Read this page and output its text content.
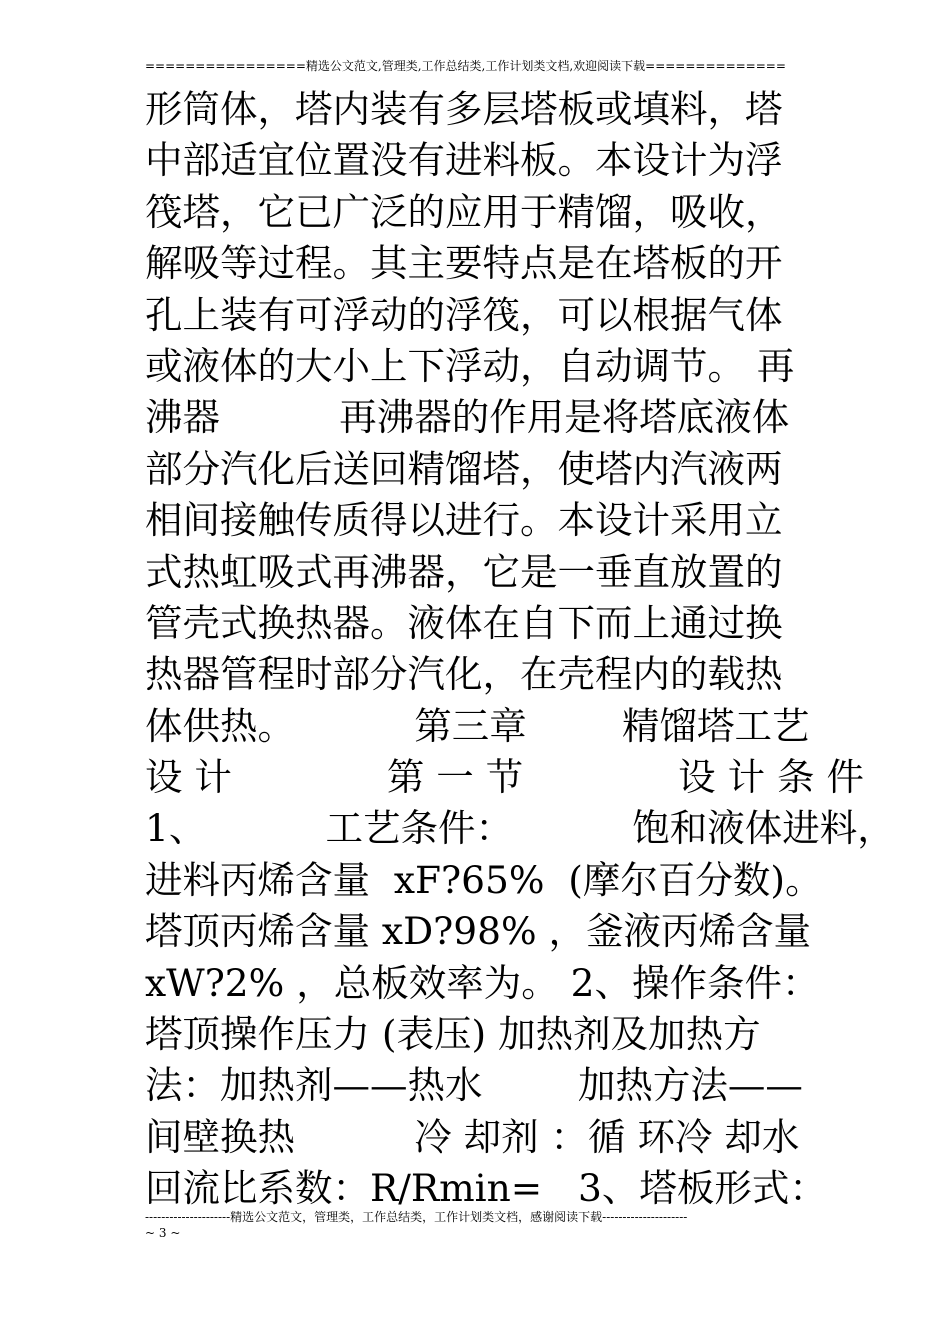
================精选公文范文,管理类,工作总结类,工作计划类文档,欢迎阅读下载==============
形筒体，塔内装有多层塔板或填料，塔
中部适宜位置没有进料板。本设计为浮
筏塔，它已广泛的应用于精馏，吸收，
解吸等过程。其主要特点是在塔板的开
孔上装有可浮动的浮筏，可以根据气体
或液体的大小上下浮动，自动调节。 再
沸器          再沸器的作用是将塔底液体
部分汽化后送回精馏塔，使塔内汽液两
相间接触传质得以进行。本设计采用立
式热虹吸式再沸器，它是一垂直放置的
管壳式换热器。液体在自下而上通过换
热器管程时部分汽化，在壳程内的载热
体供热。          第三章        精馏塔工艺
设 计             第 一 节             设 计 条 件
1、          工艺条件：          饱和液体进料，
进料丙烯含量  xF?65%  (摩尔百分数)。
塔顶丙烯含量 xD?98% ，釜液丙烯含量
xW?2% ，总板效率为。 2、操作条件：
塔顶操作压力 (表压) 加热剂及加热方
法：加热剂——热水        加热方法——
间壁换热          冷 却剂 ：循 环冷 却水
回流比系数：R/Rmin=   3、塔板形式：
---------------------精选公文范文，管理类，工作总结类，工作计划类文档，感谢阅读下载---------------------
~ 3 ~
